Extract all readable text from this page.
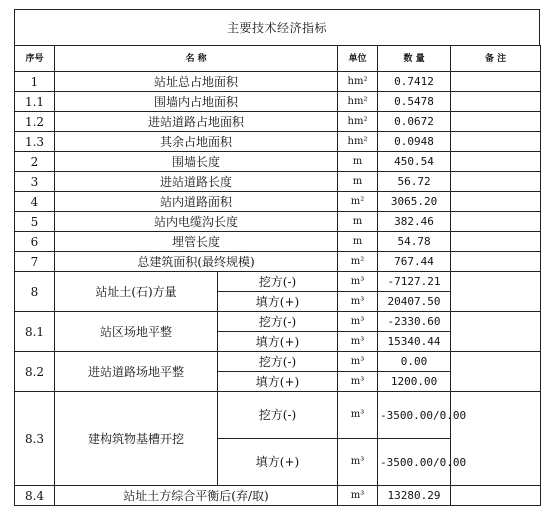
主要技术经济指标
序号	名 称		单位	数 量	备 注
1	站址总占地面积		hm²	0.7412	
1.1	围墙内占地面积		hm²	0.5478	
1.2	进站道路占地面积		hm²	0.0672	
1.3	其余占地面积		hm²	0.0948	
2	围墙长度		m	450.54	
3	进站道路长度		m	56.72	
4	站内道路面积		m²	3065.20	
5	站内电缆沟长度		m	382.46	
6	埋管长度		m	54.78	
7	总建筑面积(最终规模)		m²	767.44	
8	站址土(石)方量	挖方(-)	m³	-7127.21	
		填方(+)	m³	20407.50	
8.1	站区场地平整	挖方(-)	m³	-2330.60	
		填方(+)	m³	15340.44	
8.2	进站道路场地平整	挖方(-)	m³	0.00	
		填方(+)	m³	1200.00	
8.3	建构筑物基槽开挖	挖方(-)	m³	-3500.00/0.00	
		填方(+)	m³	-3500.00/0.00	
8.4	站址土方综合平衡后(弃/取)		m³	13280.29	
